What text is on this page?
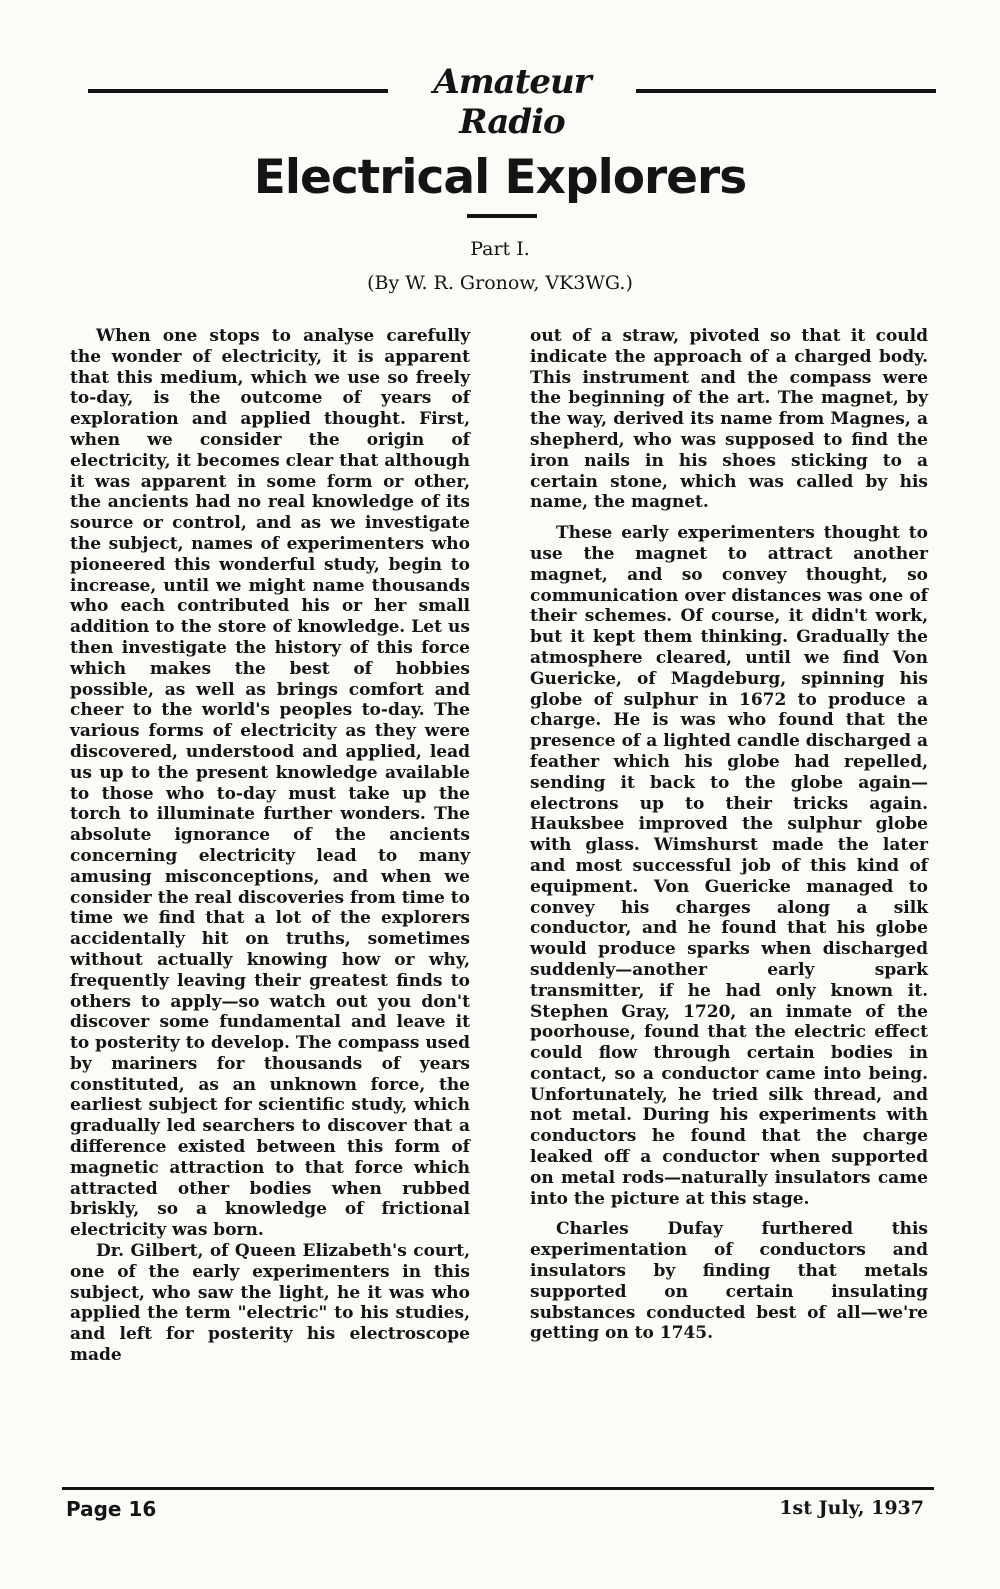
Amateur Radio
Electrical Explorers
Part I.
(By W. R. Gronow, VK3WG.)

When one stops to analyse carefully the wonder of electricity, it is apparent that this medium, which we use so freely to-day, is the outcome of years of exploration and applied thought. First, when we consider the origin of electricity, it becomes clear that although it was apparent in some form or other, the ancients had no real knowledge of its source or control, and as we investigate the subject, names of experimenters who pioneered this wonderful study, begin to increase, until we might name thousands who each contributed his or her small addition to the store of knowledge. Let us then investigate the history of this force which makes the best of hobbies possible, as well as brings comfort and cheer to the world's peoples to-day. The various forms of electricity as they were discovered, understood and applied, lead us up to the present knowledge available to those who to-day must take up the torch to illuminate further wonders. The absolute ignorance of the ancients concerning electricity lead to many amusing misconceptions, and when we consider the real discoveries from time to time we find that a lot of the explorers accidentally hit on truths, sometimes without actually knowing how or why, frequently leaving their greatest finds to others to apply—so watch out you don't discover some fundamental and leave it to posterity to develop. The compass used by mariners for thousands of years constituted, as an unknown force, the earliest subject for scientific study, which gradually led searchers to discover that a difference existed between this form of magnetic attraction to that force which attracted other bodies when rubbed briskly, so a knowledge of frictional electricity was born.

Dr. Gilbert, of Queen Elizabeth's court, one of the early experimenters in this subject, who saw the light, he it was who applied the term "electric" to his studies, and left for posterity his electroscope made

out of a straw, pivoted so that it could indicate the approach of a charged body. This instrument and the compass were the beginning of the art. The magnet, by the way, derived its name from Magnes, a shepherd, who was supposed to find the iron nails in his shoes sticking to a certain stone, which was called by his name, the magnet.

These early experimenters thought to use the magnet to attract another magnet, and so convey thought, so communication over distances was one of their schemes. Of course, it didn't work, but it kept them thinking. Gradually the atmosphere cleared, until we find Von Guericke, of Magdeburg, spinning his globe of sulphur in 1672 to produce a charge. He is was who found that the presence of a lighted candle discharged a feather which his globe had repelled, sending it back to the globe again—electrons up to their tricks again. Hauksbee improved the sulphur globe with glass. Wimshurst made the later and most successful job of this kind of equipment. Von Guericke managed to convey his charges along a silk conductor, and he found that his globe would produce sparks when discharged suddenly—another early spark transmitter, if he had only known it. Stephen Gray, 1720, an inmate of the poorhouse, found that the electric effect could flow through certain bodies in contact, so a conductor came into being. Unfortunately, he tried silk thread, and not metal. During his experiments with conductors he found that the charge leaked off a conductor when supported on metal rods—naturally insulators came into the picture at this stage.

Charles Dufay furthered this experimentation of conductors and insulators by finding that metals supported on certain insulating substances conducted best of all—we're getting on to 1745.

Page 16	1st July, 1937
